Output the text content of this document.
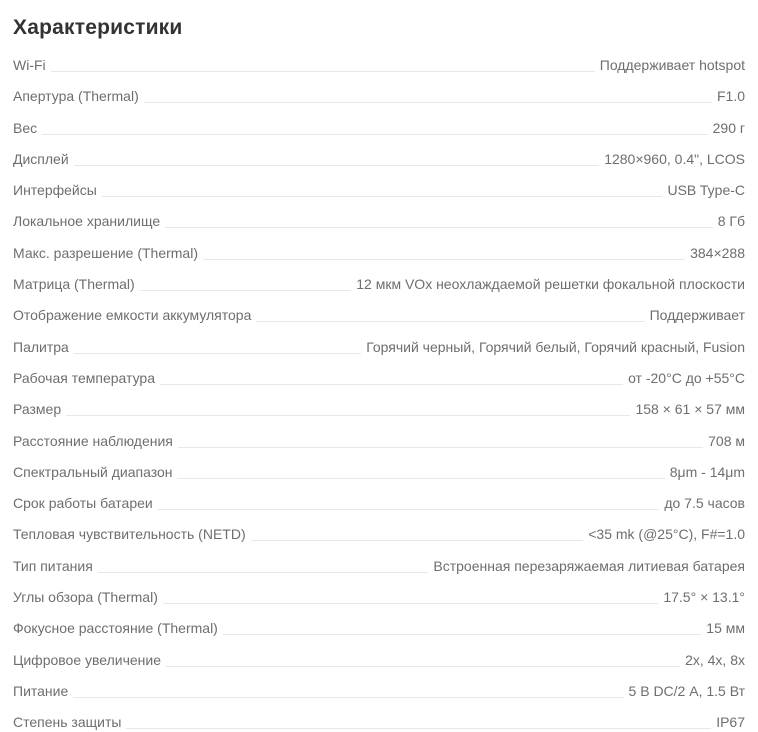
Характеристики
Wi-Fi	Поддерживает hotspot
Апертура (Thermal)	F1.0
Вес	290 г
Дисплей	1280×960, 0.4", LCOS
Интерфейсы	USB Type-C
Локальное хранилище	8 Гб
Макс. разрешение (Thermal)	384×288
Матрица (Thermal)	12 мкм VOx неохлаждаемой решетки фокальной плоскости
Отображение емкости аккумулятора	Поддерживает
Палитра	Горячий черный, Горячий белый, Горячий красный, Fusion
Рабочая температура	от -20°C до +55°C
Размер	158 × 61 × 57 мм
Расстояние наблюдения	708 м
Спектральный диапазон	8μm - 14μm
Срок работы батареи	до 7.5 часов
Тепловая чувствительность (NETD)	<35 mk (@25°C), F#=1.0
Тип питания	Встроенная перезаряжаемая литиевая батарея
Углы обзора (Thermal)	17.5° × 13.1°
Фокусное расстояние (Thermal)	15 мм
Цифровое увеличение	2x, 4x, 8x
Питание	5 В DC/2 А, 1.5 Вт
Степень защиты	IP67
